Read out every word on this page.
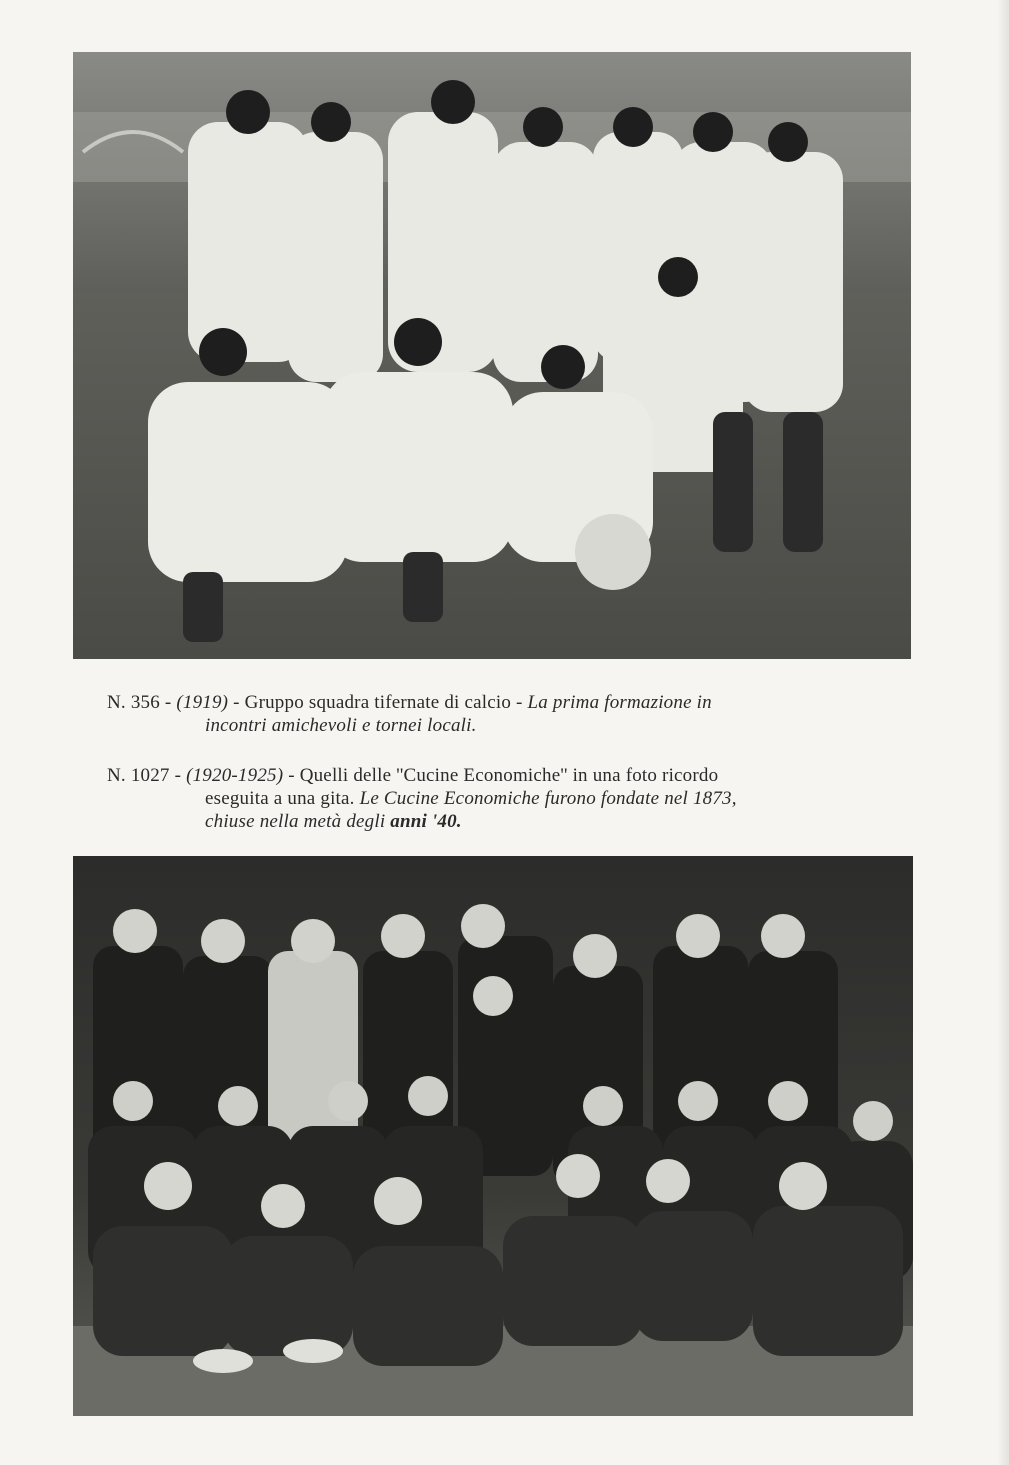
N. 356 - (1919) - Gruppo squadra tifernate di calcio - La prima formazione in
incontri amichevoli e tornei locali.
N. 1027 - (1920-1925) - Quelli delle ''Cucine Economiche'' in una foto ricordo
eseguita a una gita. Le Cucine Economiche furono fondate nel 1873,
chiuse nella metà degli anni '40.
